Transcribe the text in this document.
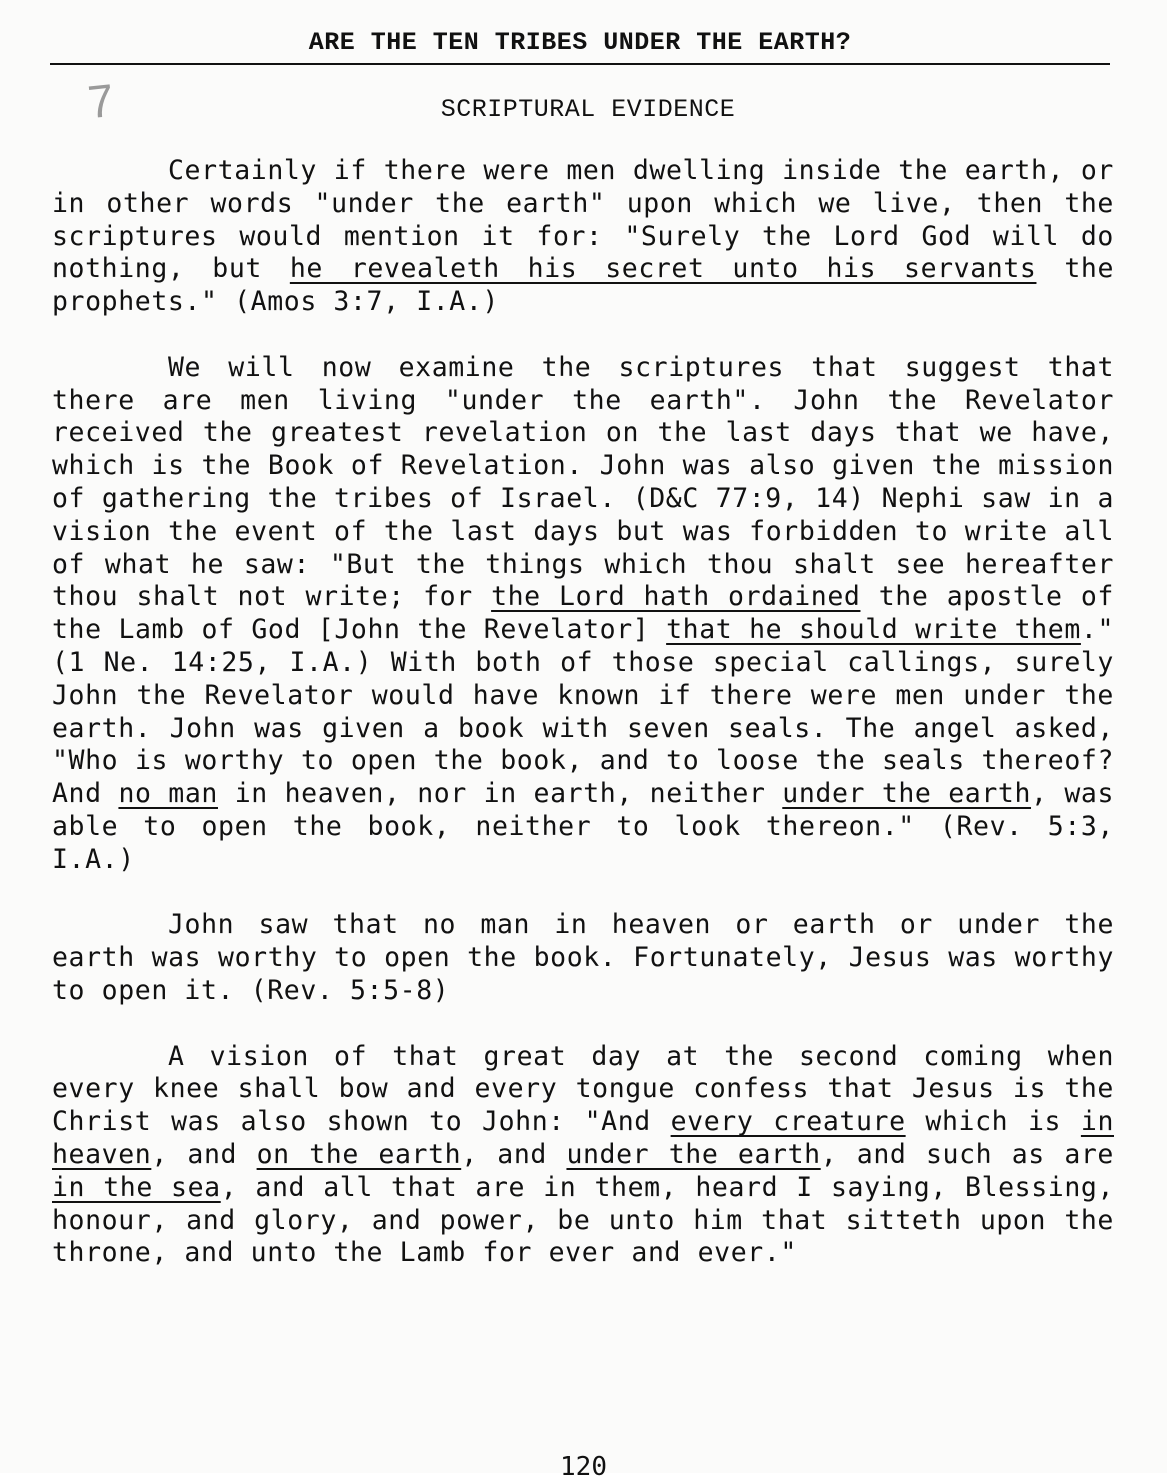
ARE THE TEN TRIBES UNDER THE EARTH?
7	SCRIPTURAL EVIDENCE

Certainly if there were men dwelling inside the earth, or in other words "under the earth" upon which we live, then the scriptures would mention it for: "Surely the Lord God will do nothing, but he revealeth his secret unto his servants the prophets." (Amos 3:7, I.A.)

We will now examine the scriptures that suggest that there are men living "under the earth". John the Revelator received the greatest revelation on the last days that we have, which is the Book of Revelation. John was also given the mission of gathering the tribes of Israel. (D&C 77:9, 14) Nephi saw in a vision the event of the last days but was forbidden to write all of what he saw: "But the things which thou shalt see hereafter thou shalt not write; for the Lord hath ordained the apostle of the Lamb of God [John the Revelator] that he should write them." (1 Ne. 14:25, I.A.) With both of those special callings, surely John the Revelator would have known if there were men under the earth. John was given a book with seven seals. The angel asked, "Who is worthy to open the book, and to loose the seals thereof? And no man in heaven, nor in earth, neither under the earth, was able to open the book, neither to look thereon." (Rev. 5:3, I.A.)

John saw that no man in heaven or earth or under the earth was worthy to open the book. Fortunately, Jesus was worthy to open it. (Rev. 5:5-8)

A vision of that great day at the second coming when every knee shall bow and every tongue confess that Jesus is the Christ was also shown to John: "And every creature which is in heaven, and on the earth, and under the earth, and such as are in the sea, and all that are in them, heard I saying, Blessing, honour, and glory, and power, be unto him that sitteth upon the throne, and unto the Lamb for ever and ever."

120
